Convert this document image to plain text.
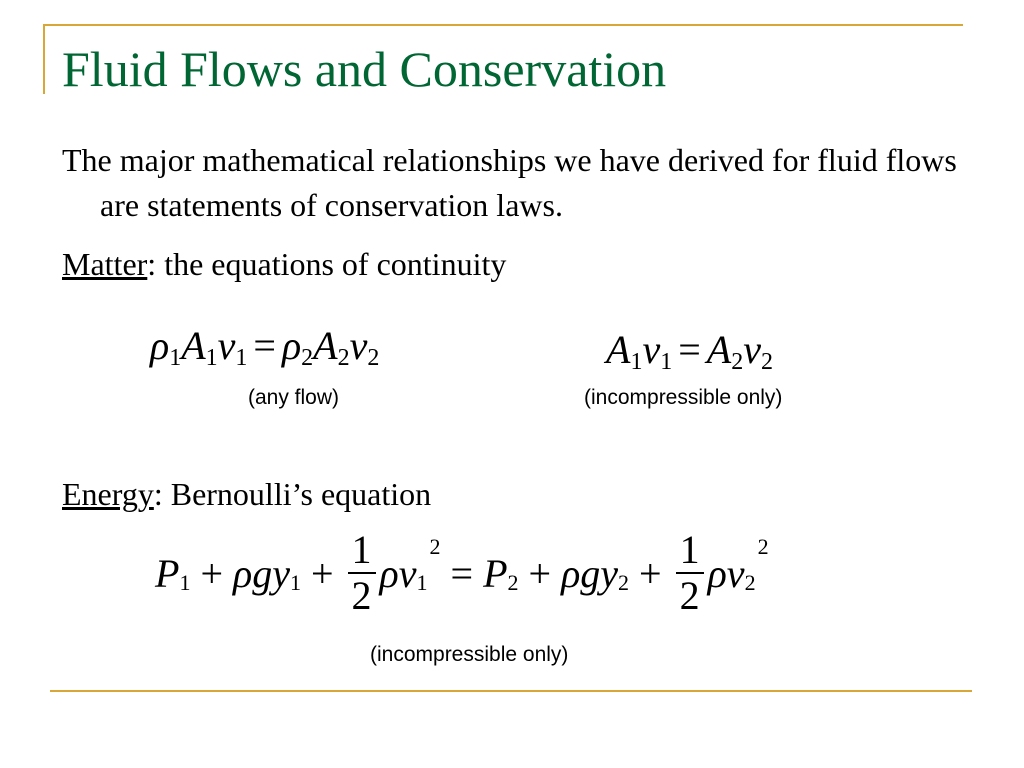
Fluid Flows and Conservation
The major mathematical relationships we have derived for fluid flows are statements of conservation laws.
Matter: the equations of continuity
$\rho_1A_1v_1 = \rho_2A_2v_2$
(any flow)
$A_1v_1 = A_2v_2$
(incompressible only)
Energy: Bernoulli’s equation
P 1 + ρ g y $1 + \frac{1}{2}$ ρ v 1
2
= P 2 + ρ g y $2 + \frac{1}{2}$ ρ v 2
2
(incompressible only)
